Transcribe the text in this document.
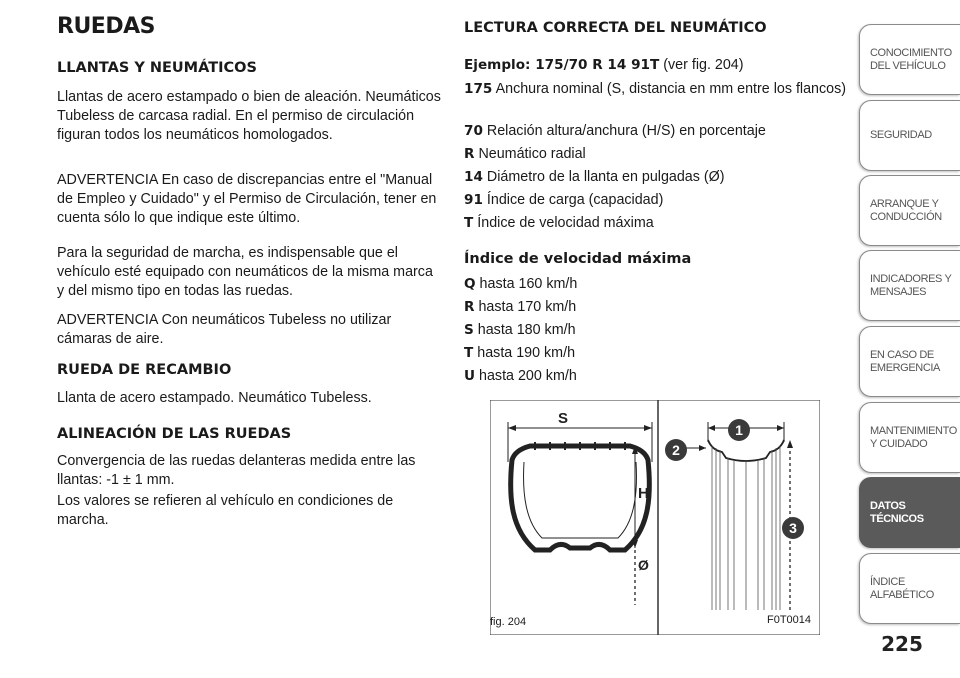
RUEDAS
LLANTAS Y NEUMÁTICOS

Llantas de acero estampado o bien de aleación. Neumáticos Tubeless de carcasa radial. En el permiso de circulación figuran todos los neumáticos homologados.

ADVERTENCIA En caso de discrepancias entre el "Manual de Empleo y Cuidado" y el Permiso de Circulación, tener en cuenta sólo lo que indique este último.

Para la seguridad de marcha, es indispensable que el vehículo esté equipado con neumáticos de la misma marca y del mismo tipo en todas las ruedas.

ADVERTENCIA Con neumáticos Tubeless no utilizar cámaras de aire.

RUEDA DE RECAMBIO

Llanta de acero estampado. Neumático Tubeless.

ALINEACIÓN DE LAS RUEDAS

Convergencia de las ruedas delanteras medida entre las llantas: -1 ± 1 mm.

Los valores se refieren al vehículo en condiciones de marcha.

LECTURA CORRECTA DEL NEUMÁTICO

Ejemplo: 175/70 R 14 91T (ver fig. 204)

175 Anchura nominal (S, distancia en mm entre los flancos)

70 Relación altura/anchura (H/S) en porcentaje

R Neumático radial

14 Diámetro de la llanta en pulgadas (Ø)

91 Índice de carga (capacidad)

T Índice de velocidad máxima

Índice de velocidad máxima

Q hasta 160 km/h

R hasta 170 km/h

S hasta 180 km/h

T hasta 190 km/h

U hasta 200 km/h

S
H
Ø
1
2
3
fig. 204	F0T0014
CONOCIMIENTO DEL VEHÍCULO
SEGURIDAD
ARRANQUE Y CONDUCCIÓN
INDICADORES Y MENSAJES
EN CASO DE EMERGENCIA
MANTENIMIENTO Y CUIDADO
DATOS TÉCNICOS
ÍNDICE ALFABÉTICO
225
